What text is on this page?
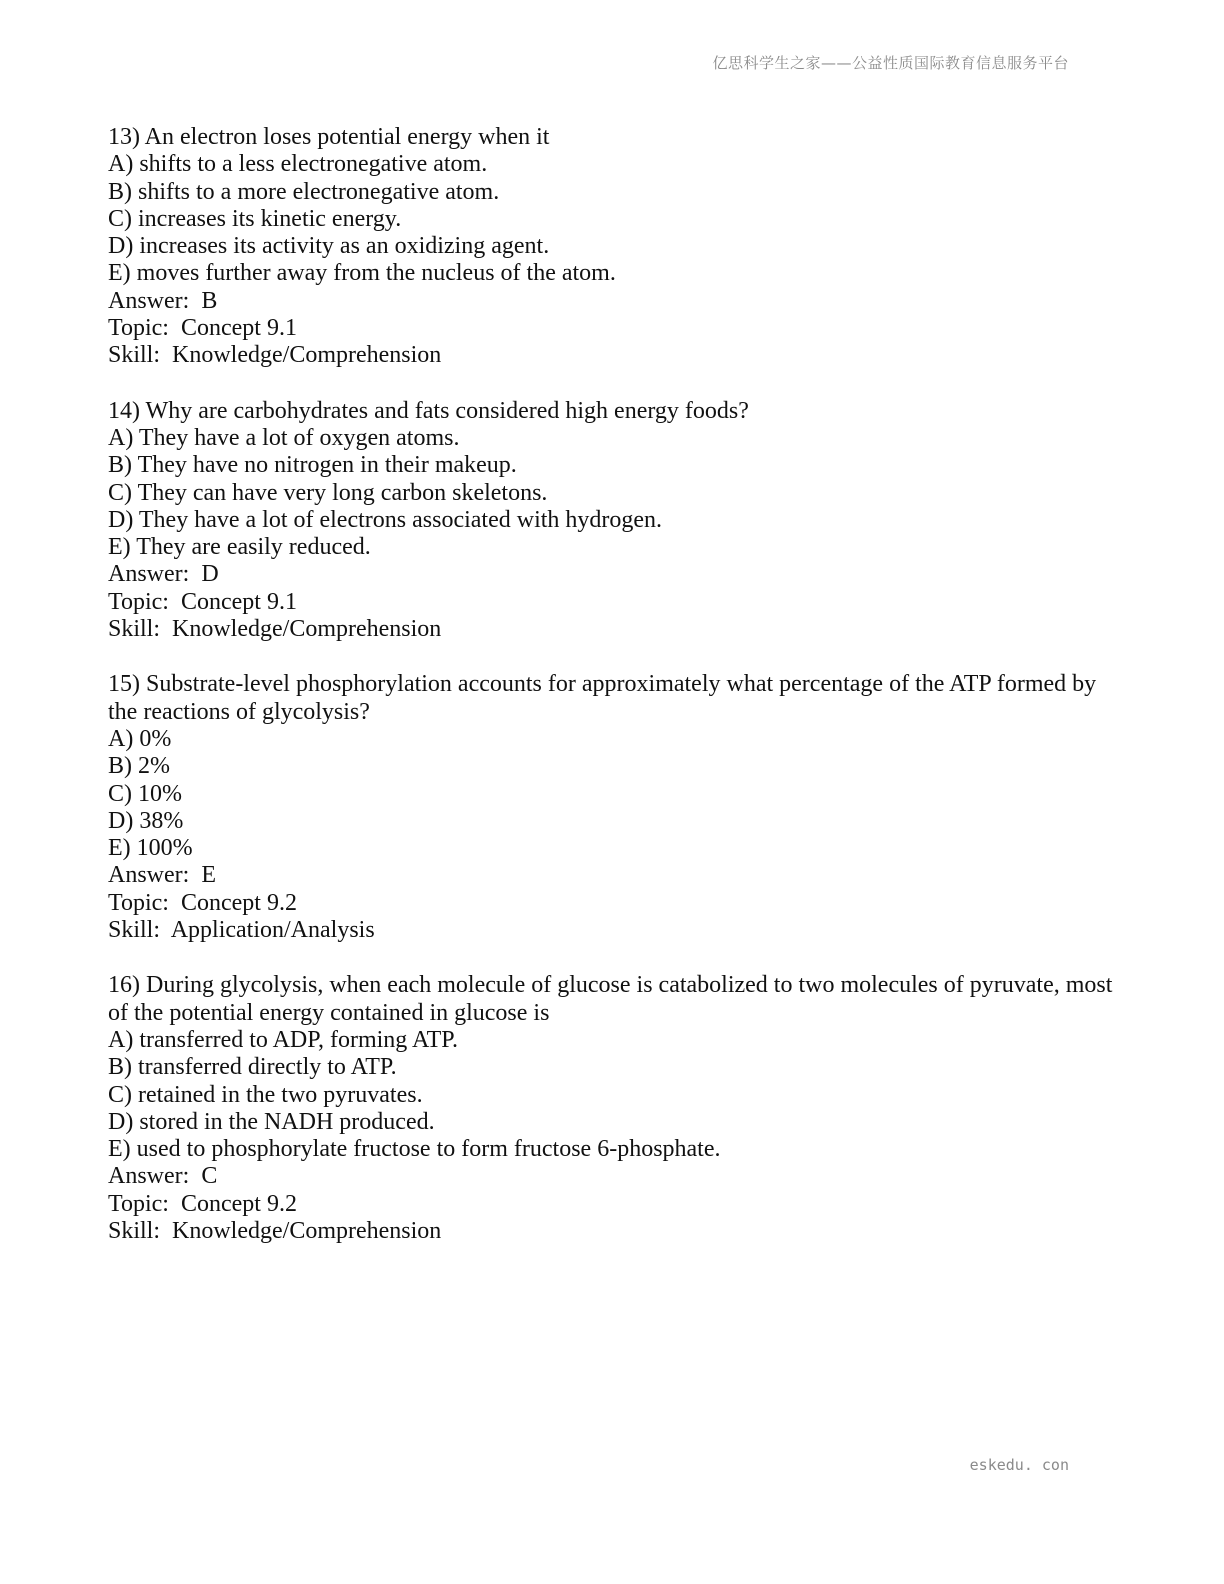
亿思科学生之家——公益性质国际教育信息服务平台
13) An electron loses potential energy when it
A) shifts to a less electronegative atom.
B) shifts to a more electronegative atom.
C) increases its kinetic energy.
D) increases its activity as an oxidizing agent.
E) moves further away from the nucleus of the atom.
Answer:  B
Topic:  Concept 9.1
Skill:  Knowledge/Comprehension
14) Why are carbohydrates and fats considered high energy foods?
A) They have a lot of oxygen atoms.
B) They have no nitrogen in their makeup.
C) They can have very long carbon skeletons.
D) They have a lot of electrons associated with hydrogen.
E) They are easily reduced.
Answer:  D
Topic:  Concept 9.1
Skill:  Knowledge/Comprehension
15) Substrate-level phosphorylation accounts for approximately what percentage of the ATP formed by the reactions of glycolysis?
A) 0%
B) 2%
C) 10%
D) 38%
E) 100%
Answer:  E
Topic:  Concept 9.2
Skill:  Application/Analysis
16) During glycolysis, when each molecule of glucose is catabolized to two molecules of pyruvate, most of the potential energy contained in glucose is
A) transferred to ADP, forming ATP.
B) transferred directly to ATP.
C) retained in the two pyruvates.
D) stored in the NADH produced.
E) used to phosphorylate fructose to form fructose 6-phosphate.
Answer:  C
Topic:  Concept 9.2
Skill:  Knowledge/Comprehension
eskedu. con
